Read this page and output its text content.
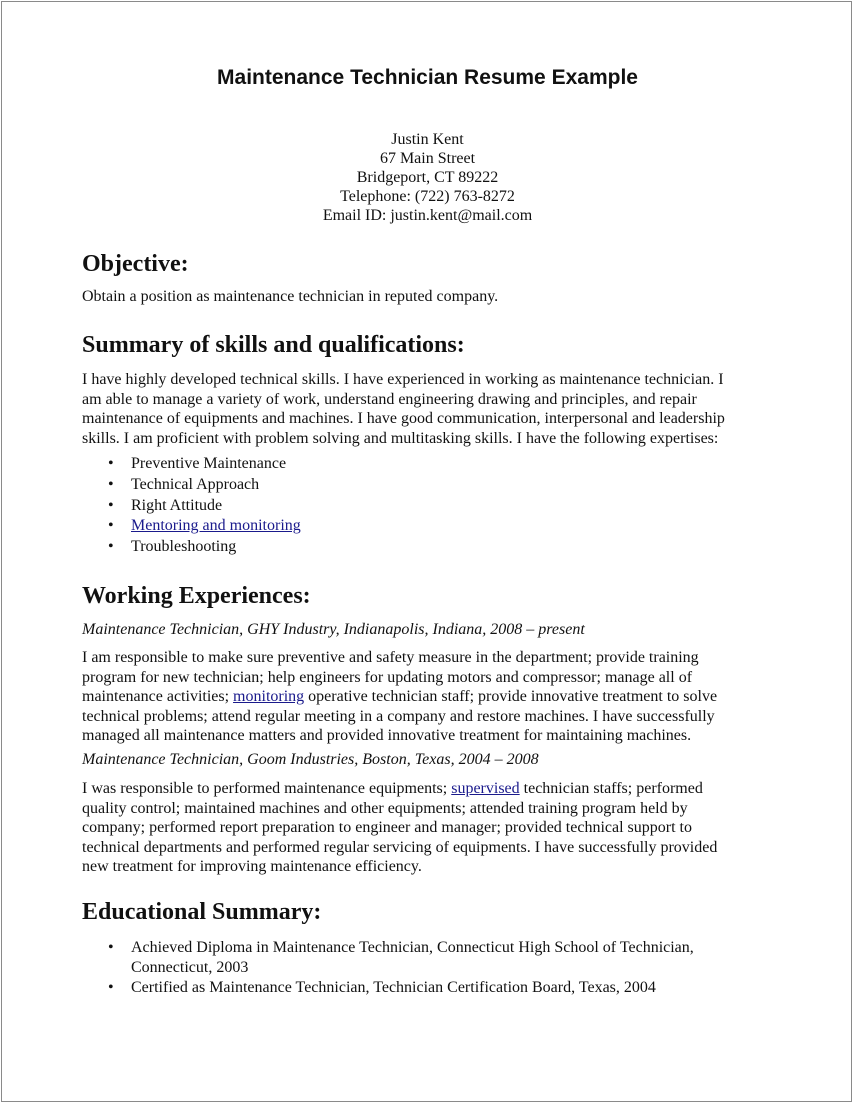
Maintenance Technician Resume Example
Justin Kent
67 Main Street
Bridgeport, CT 89222
Telephone: (722) 763-8272
Email ID: justin.kent@mail.com
Objective:

Obtain a position as maintenance technician in reputed company.

Summary of skills and qualifications:
I have highly developed technical skills. I have experienced in working as maintenance technician. I
am able to manage a variety of work, understand engineering drawing and principles, and repair
maintenance of equipments and machines. I have good communication, interpersonal and leadership
skills. I am proficient with problem solving and multitasking skills. I have the following expertises:
• Preventive Maintenance
• Technical Approach
• Right Attitude
• Mentoring and monitoring
• Troubleshooting
Working Experiences:
Maintenance Technician, GHY Industry, Indianapolis, Indiana, 2008 – present
I am responsible to make sure preventive and safety measure in the department; provide training
program for new technician; help engineers for updating motors and compressor; manage all of
maintenance activities; monitoring operative technician staff; provide innovative treatment to solve
technical problems; attend regular meeting in a company and restore machines. I have successfully
managed all maintenance matters and provided innovative treatment for maintaining machines.
Maintenance Technician, Goom Industries, Boston, Texas, 2004 – 2008
I was responsible to performed maintenance equipments; supervised technician staffs; performed
quality control; maintained machines and other equipments; attended training program held by
company; performed report preparation to engineer and manager; provided technical support to
technical departments and performed regular servicing of equipments. I have successfully provided
new treatment for improving maintenance efficiency.
Educational Summary:
• Achieved Diploma in Maintenance Technician, Connecticut High School of Technician,
Connecticut, 2003
• Certified as Maintenance Technician, Technician Certification Board, Texas, 2004
